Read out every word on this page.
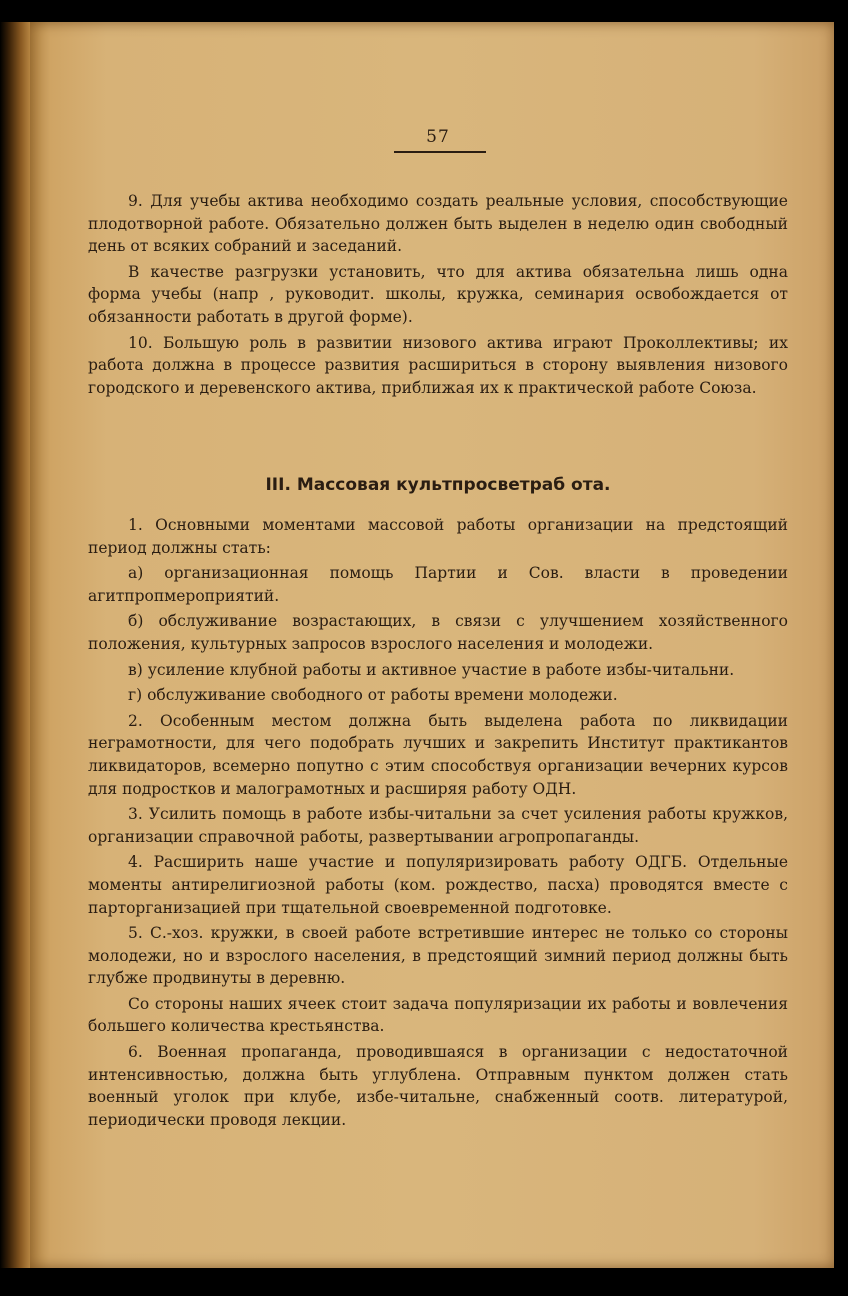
57

9. Для учебы актива необходимо создать реальные условия, способствующие плодотворной работе. Обязательно должен быть выделен в неделю один свободный день от всяких собраний и заседаний.

В качестве разгрузки установить, что для актива обязательна лишь одна форма учебы (напр , руководит. школы, кружка, семинария освобождается от обязанности работать в другой форме).

10. Большую роль в развитии низового актива играют Проколлективы; их работа должна в процессе развития расшириться в сторону выявления низового городского и деревенского актива, приближая их к практической работе Союза.

III. Массовая культпросветраб ота.

1. Основными моментами массовой работы организации на предстоящий период должны стать:

а) организационная помощь Партии и Сов. власти в проведении агитпропмероприятий.

б) обслуживание возрастающих, в связи с улучшением хозяйственного положения, культурных запросов взрослого населения и молодежи.

в) усиление клубной работы и активное участие в работе избы-читальни.

г) обслуживание свободного от работы времени молодежи.

2. Особенным местом должна быть выделена работа по ликвидации неграмотности, для чего подобрать лучших и закрепить Институт практикантов ликвидаторов, всемерно попутно с этим способствуя организации вечерних курсов для подростков и малограмотных и расширяя работу ОДН.

3. Усилить помощь в работе избы-читальни за счет усиления работы кружков, организации справочной работы, развертывании агропропаганды.

4. Расширить наше участие и популяризировать работу ОДГБ. Отдельные моменты антирелигиозной работы (ком. рождество, пасха) проводятся вместе с парторганизацией при тщательной своевременной подготовке.

5. С.-хоз. кружки, в своей работе встретившие интерес не только со стороны молодежи, но и взрослого населения, в предстоящий зимний период должны быть глубже продвинуты в деревню.

Со стороны наших ячеек стоит задача популяризации их работы и вовлечения большего количества крестьянства.

6. Военная пропаганда, проводившаяся в организации с недостаточной интенсивностью, должна быть углублена. Отправным пунктом должен стать военный уголок при клубе, избе-читальне, снабженный соотв. литературой, периодически проводя лекции.
